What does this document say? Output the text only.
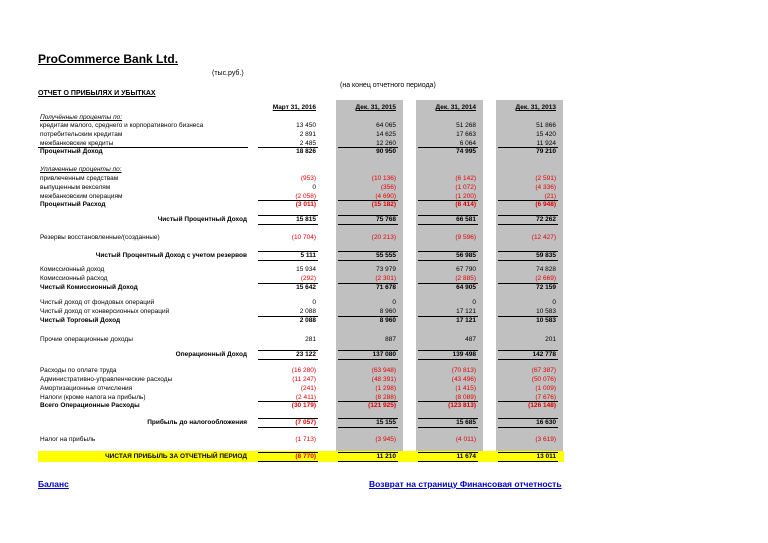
ProCommerce Bank Ltd.
(тыс.руб.)
(на конец отчетного периода)
ОТЧЕТ О ПРИБЫЛЯХ И УБЫТКАХ
Март 31, 2016	Дек. 31, 2015	Дек. 31, 2014	Дек. 31, 2013
Получённые проценты по:
кредитам малого, среднего и корпоративного бизнеса	13 450	64 065	51 268	51 866
потребительским кредитам	2 891	14 625	17 663	15 420
межбанковские кредиты	2 485	12 260	6 064	11 924
Процентный Доход	18 826	90 950	74 995	79 210
Уплаченные проценты по:
привлеченным средствам	(953)	(10 136)	(6 142)	(2 591)
выпущенным векселям	0	(356)	(1 072)	(4 336)
межбанковским операциям	(2 058)	(4 690)	(1 200)	(21)
Процентный Расход	(3 011)	(15 182)	(8 414)	(6 948)
Чистый Процентный Доход	15 815	75 768	66 581	72 262
Резервы восстановленные/(созданные)	(10 704)	(20 213)	(9 596)	(12 427)
Чистый Процентный Доход с учетом резервов	5 111	55 555	56 985	59 835
Комиссионный доход	15 934	73 979	67 790	74 828
Комиссионный расход	(292)	(2 301)	(2 885)	(2 669)
Чистый Комиссионный Доход	15 642	71 678	64 905	72 159
Чистый доход от фондовых операций	0	0	0	0
Чистый доход от конверсионных операций	2 088	8 960	17 121	10 583
Чистый Торговый Доход	2 088	8 960	17 121	10 583
Прочие операционные доходы	281	887	487	201
Операционный Доход	23 122	137 080	139 498	142 778
Расходы по оплате труда	(16 280)	(63 948)	(70 813)	(67 387)
Административно-управленческие расходы	(11 247)	(48 391)	(43 496)	(50 076)
Амортизационные отчисления	(241)	(1 298)	(1 415)	(1 009)
Налоги (кроме налога на прибыль)	(2 411)	(8 288)	(8 089)	(7 676)
Всего Операционные Расходы	(30 179)	(121 925)	(123 813)	(126 148)
Прибыль до налогообложения	(7 057)	15 155	15 685	16 630
Налог на прибыль	(1 713)	(3 945)	(4 011)	(3 619)
ЧИСТАЯ ПРИБЫЛЬ ЗА ОТЧЕТНЫЙ ПЕРИОД	(8 770)	11 210	11 674	13 011
Баланс	Возврат на страницу Финансовая отчетность
